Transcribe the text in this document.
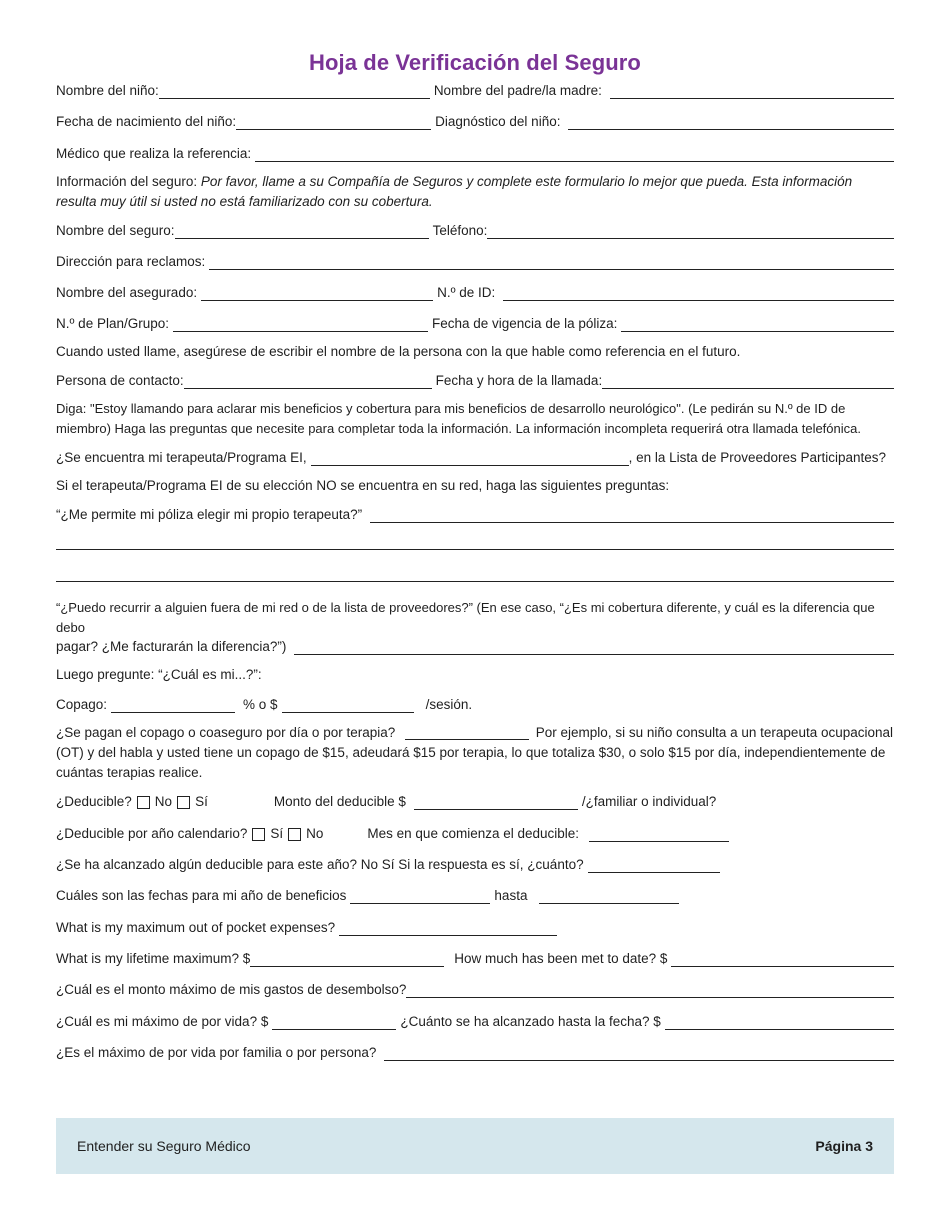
Hoja de Verificación del Seguro
Nombre del niño:	Nombre del padre/la madre:
Fecha de nacimiento del niño:	Diagnóstico del niño:
Médico que realiza la referencia:
Información del seguro: Por favor, llame a su Compañía de Seguros y complete este formulario lo mejor que pueda. Esta información resulta muy útil si usted no está familiarizado con su cobertura.
Nombre del seguro:	Teléfono:
Dirección para reclamos:
Nombre del asegurado:	N.º de ID:
N.º de Plan/Grupo:	Fecha de vigencia de la póliza:
Cuando usted llame, asegúrese de escribir el nombre de la persona con la que hable como referencia en el futuro.
Persona de contacto:	Fecha y hora de la llamada:
Diga: "Estoy llamando para aclarar mis beneficios y cobertura para mis beneficios de desarrollo neurológico". (Le pedirán su N.º de ID de miembro) Haga las preguntas que necesite para completar toda la información. La información incompleta requerirá otra llamada telefónica.
¿Se encuentra mi terapeuta/Programa EI,	, en la Lista de Proveedores Participantes?
Si el terapeuta/Programa EI de su elección NO se encuentra en su red, haga las siguientes preguntas:
“¿Me permite mi póliza elegir mi propio terapeuta?”
“¿Puedo recurrir a alguien fuera de mi red o de la lista de proveedores?” (En ese caso, “¿Es mi cobertura diferente, y cuál es la diferencia que debo
pagar? ¿Me facturarán la diferencia?”)
Luego pregunte: “¿Cuál es mi...?”:
Copago:	% o $	/sesión.
¿Se pagan el copago o coaseguro por día o por terapia?	Por ejemplo, si su niño consulta a un terapeuta ocupacional (OT) y del habla y usted tiene un copago de $15, adeudará $15 por terapia, lo que totaliza $30, o solo $15 por día, independientemente de cuántas terapias realice.
¿Deducible? No Sí	Monto del deducible $	/¿familiar o individual?
¿Deducible por año calendario? Sí No	Mes en que comienza el deducible:
¿Se ha alcanzado algún deducible para este año? No Sí Si la respuesta es sí, ¿cuánto?
Cuáles son las fechas para mi año de beneficios	hasta
What is my maximum out of pocket expenses?
What is my lifetime maximum? $	How much has been met to date? $
¿Cuál es el monto máximo de mis gastos de desembolso?
¿Cuál es mi máximo de por vida? $	¿Cuánto se ha alcanzado hasta la fecha? $
¿Es el máximo de por vida por familia o por persona?
Entender su Seguro Médico	Página 3
